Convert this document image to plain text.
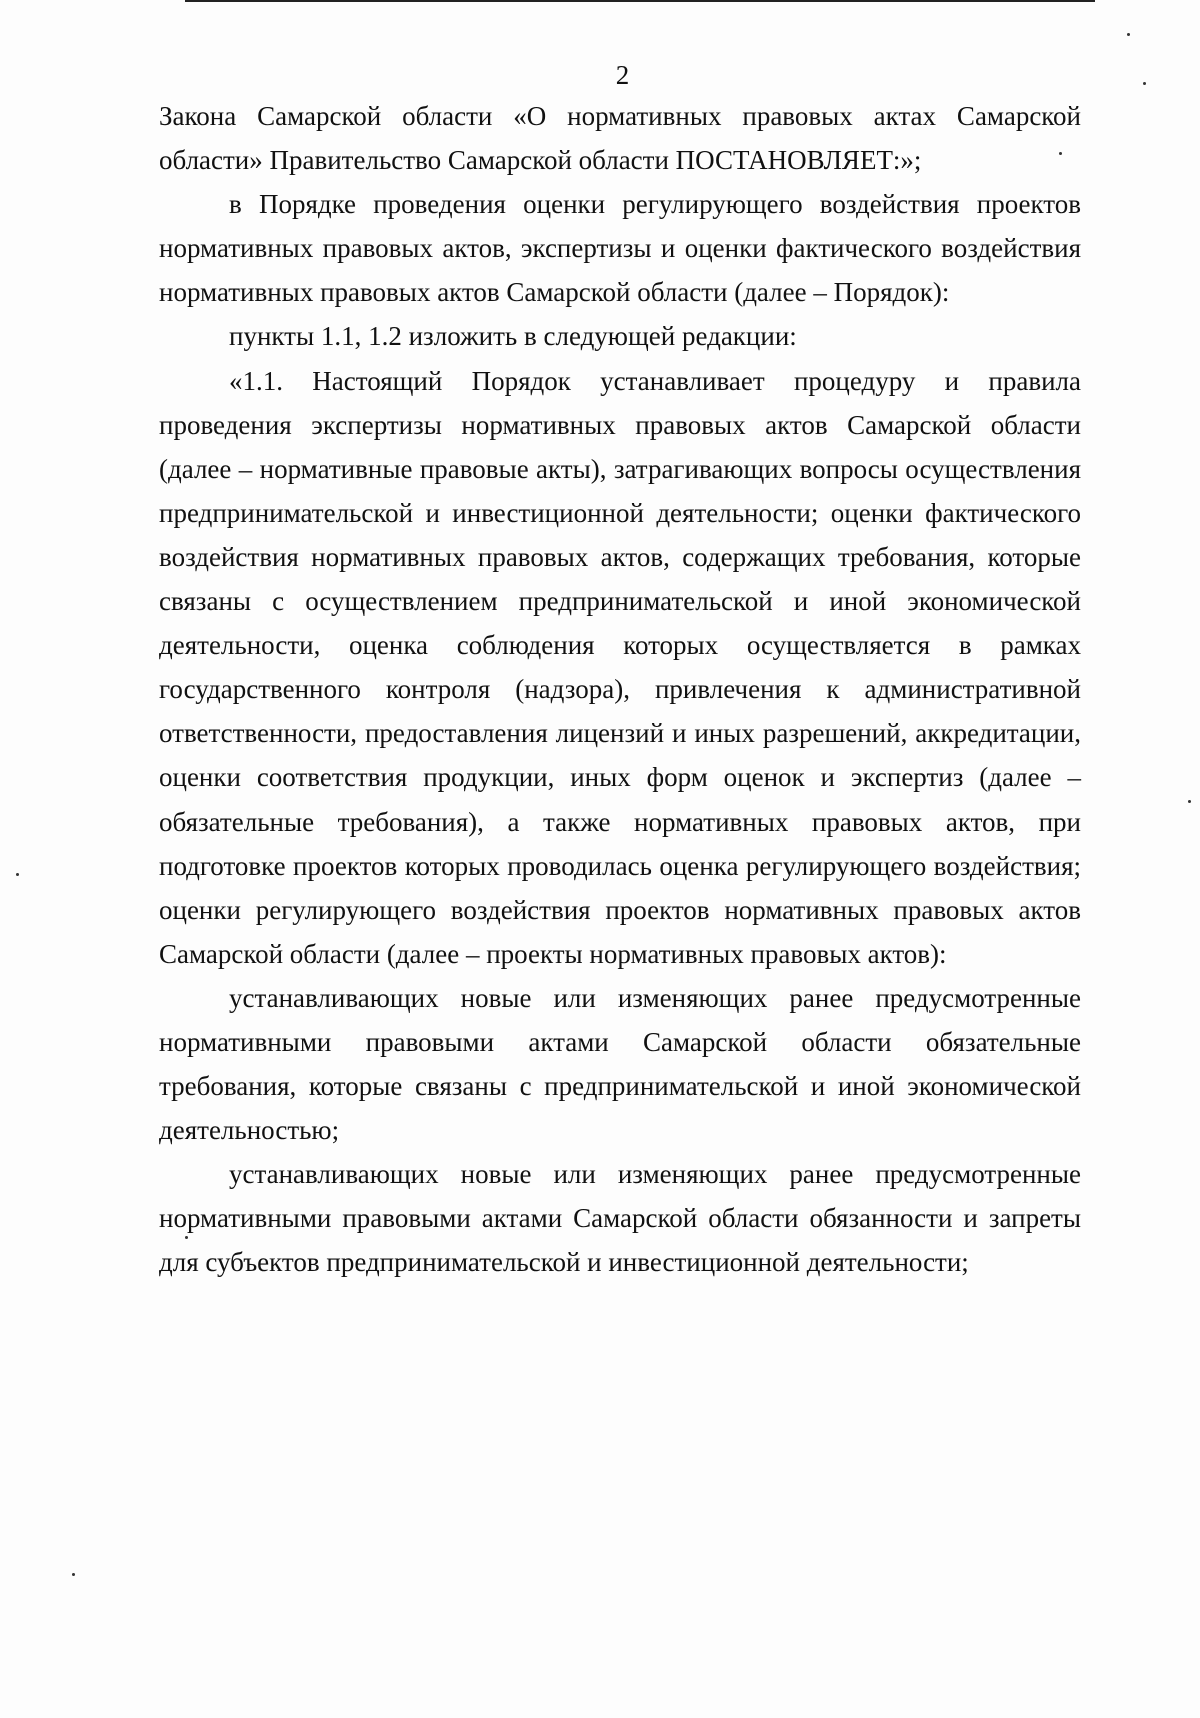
2

Закона Самарской области «О нормативных правовых актах Самарской области» Правительство Самарской области ПОСТАНОВЛЯЕТ:»;

в Порядке проведения оценки регулирующего воздействия проектов нормативных правовых актов, экспертизы и оценки фактического воздействия нормативных правовых актов Самарской области (далее – Порядок):

пункты 1.1, 1.2 изложить в следующей редакции:

«1.1. Настоящий Порядок устанавливает процедуру и правила проведения экспертизы нормативных правовых актов Самарской области (далее – нормативные правовые акты), затрагивающих вопросы осуществления предпринимательской и инвестиционной деятельности; оценки фактического воздействия нормативных правовых актов, содержащих требования, которые связаны с осуществлением предпринимательской и иной экономической деятельности, оценка соблюдения которых осуществляется в рамках государственного контроля (надзора), привлечения к административной ответственности, предоставления лицензий и иных разрешений, аккредитации, оценки соответствия продукции, иных форм оценок и экспертиз (далее – обязательные требования), а также нормативных правовых актов, при подготовке проектов которых проводилась оценка регулирующего воздействия; оценки регулирующего воздействия проектов нормативных правовых актов Самарской области (далее – проекты нормативных правовых актов):

устанавливающих новые или изменяющих ранее предусмотренные нормативными правовыми актами Самарской области обязательные требования, которые связаны с предпринимательской и иной экономической деятельностью;

устанавливающих новые или изменяющих ранее предусмотренные нормативными правовыми актами Самарской области обязанности и запреты для субъектов предпринимательской и инвестиционной деятельности;
